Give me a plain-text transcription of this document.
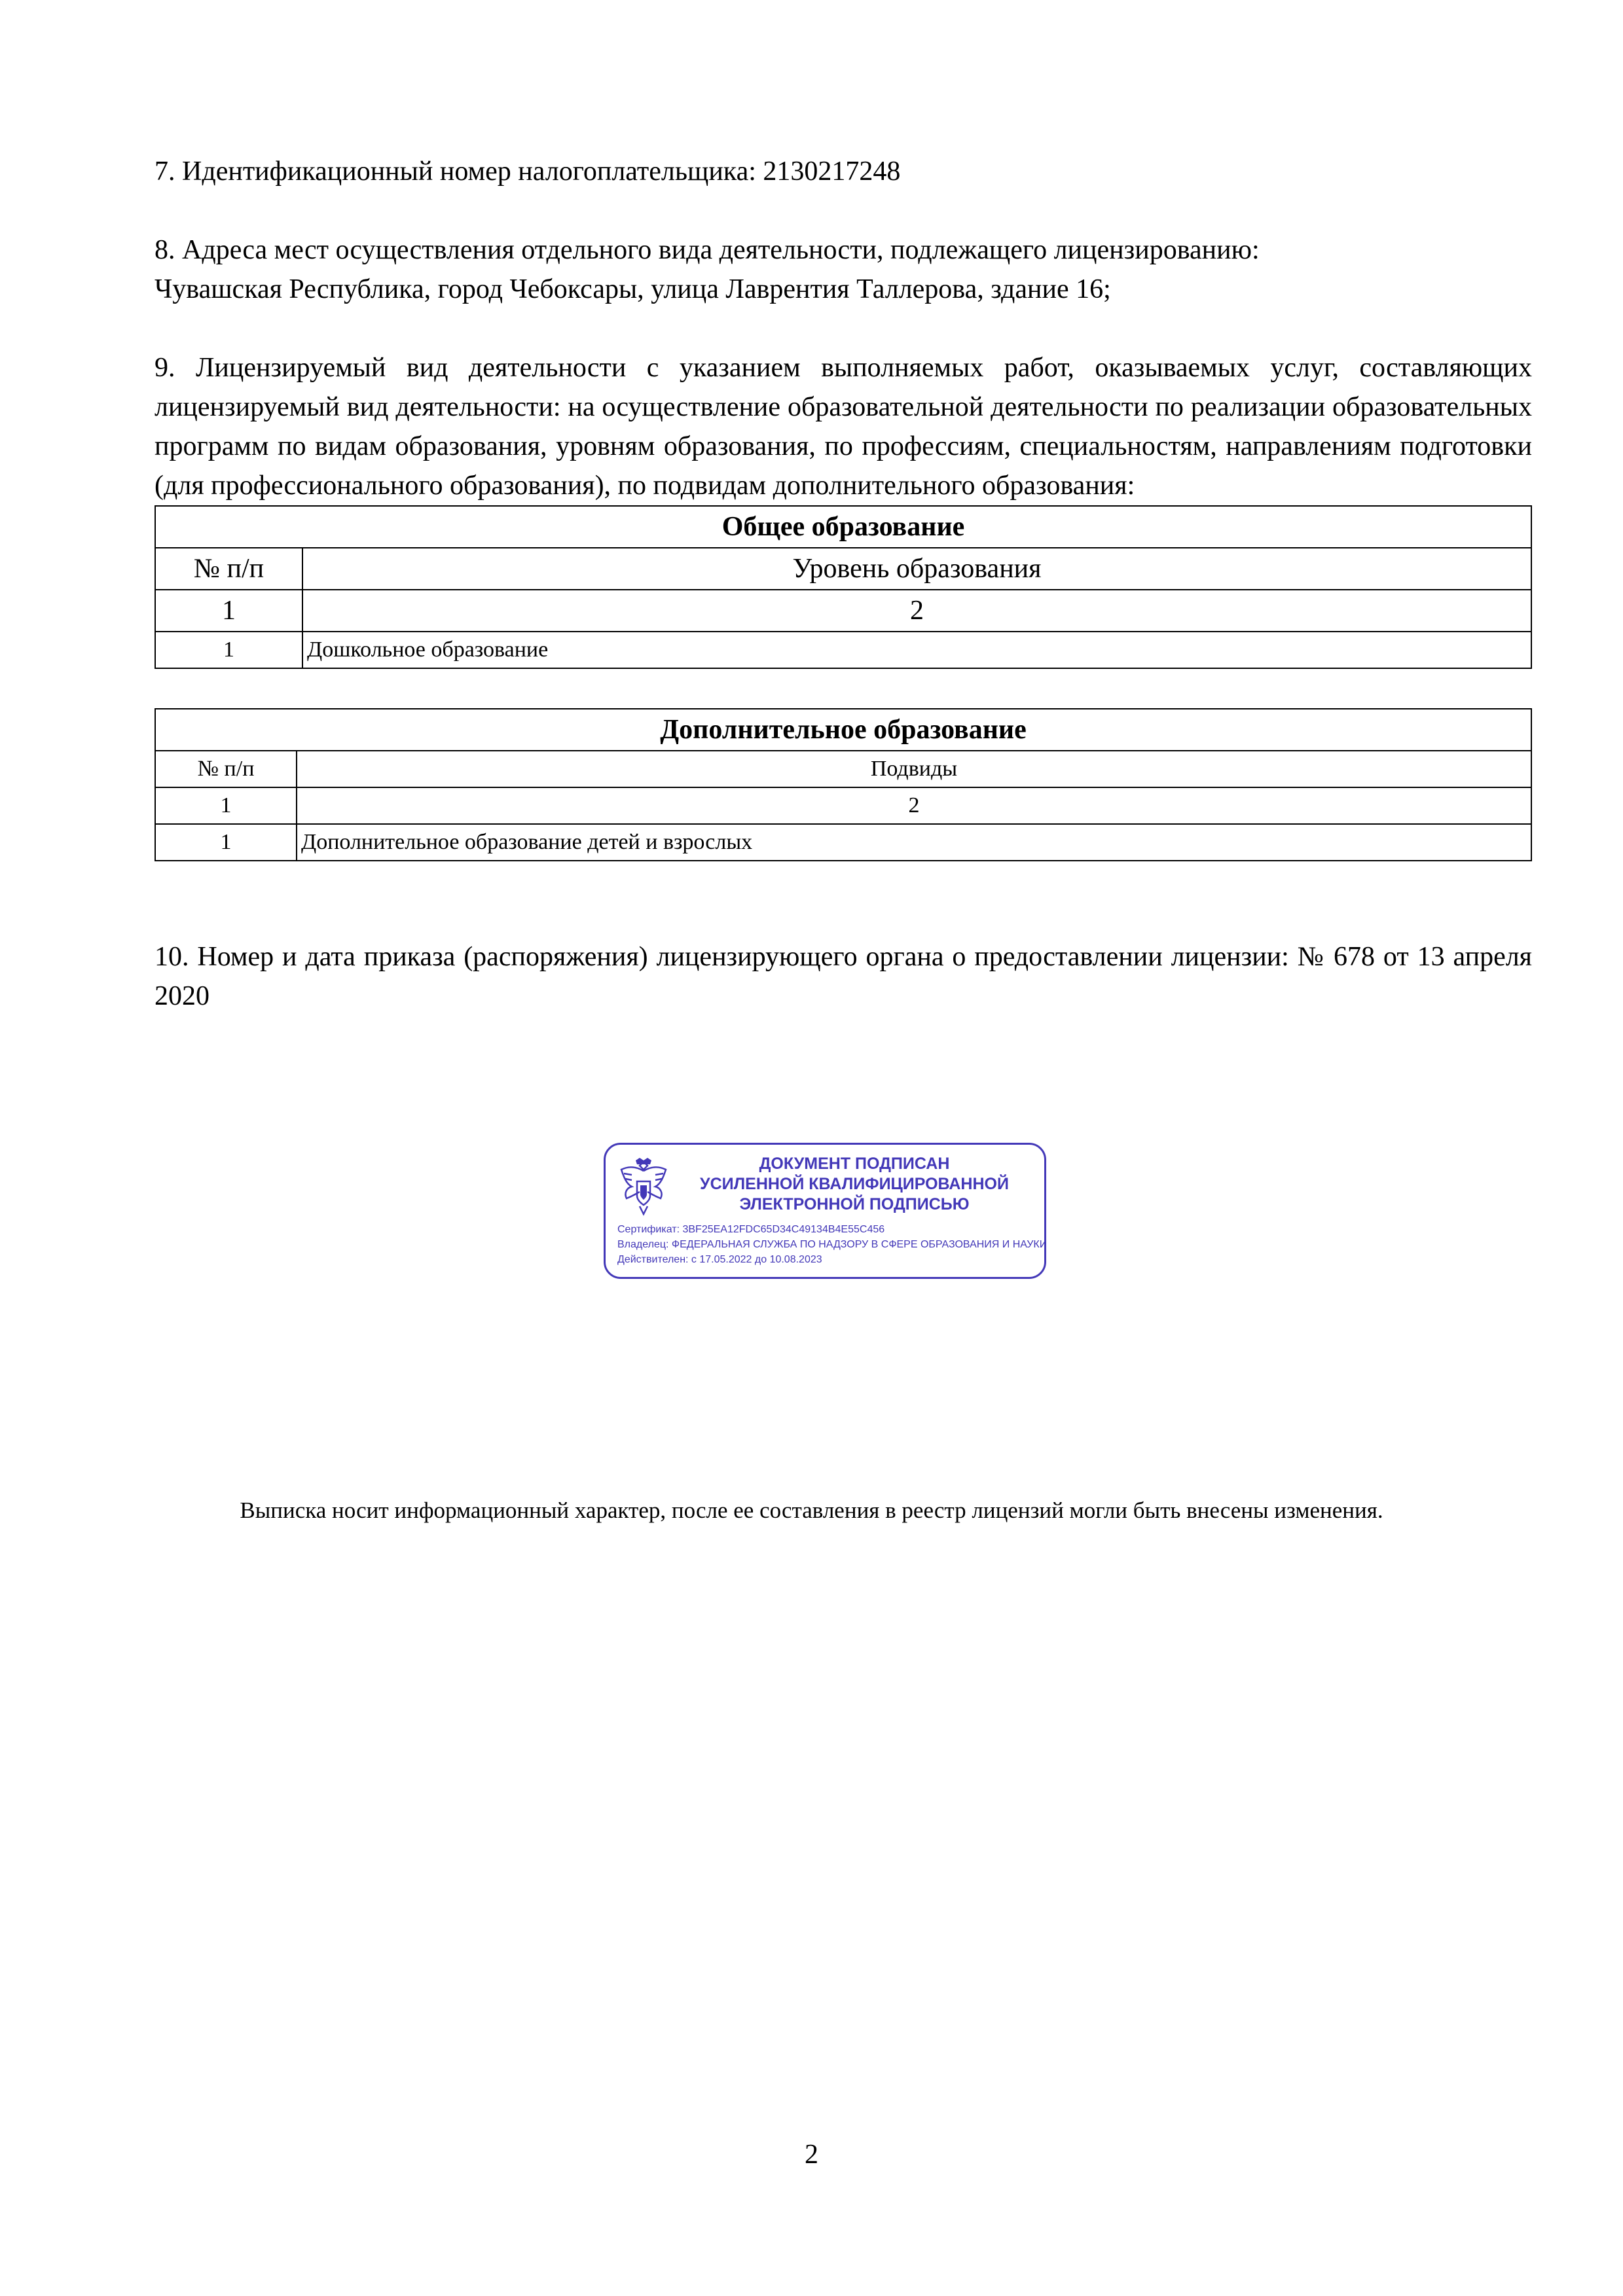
7. Идентификационный номер налогоплательщика: 2130217248

8. Адреса мест осуществления отдельного вида деятельности, подлежащего лицензированию:

Чувашская Республика, город Чебоксары, улица Лаврентия Таллерова, здание 16;

9. Лицензируемый вид деятельности с указанием выполняемых работ, оказываемых услуг, составляющих лицензируемый вид деятельности: на осуществление образовательной деятельности по реализации образовательных программ по видам образования, уровням образования, по профессиям, специальностям, направлениям подготовки (для профессионального образования), по подвидам дополнительного образования:

Общее образование	
№ п/п	Уровень образования
1	2
1	Дошкольное образование
Дополнительное образование	
№ п/п	Подвиды
1	2
1	Дополнительное образование детей и взрослых

10. Номер и дата приказа (распоряжения) лицензирующего органа о предоставлении лицензии: № 678 от 13 апреля 2020

ДОКУМЕНТ ПОДПИСАН
УСИЛЕННОЙ КВАЛИФИЦИРОВАННОЙ
ЭЛЕКТРОННОЙ ПОДПИСЬЮ
Сертификат: 3BF25EA12FDC65D34C49134B4E55C456
Владелец: ФЕДЕРАЛЬНАЯ СЛУЖБА ПО НАДЗОРУ В СФЕРЕ ОБРАЗОВАНИЯ И НАУКИ
Действителен: с 17.05.2022 до 10.08.2023
Выписка носит информационный характер, после ее составления в реестр лицензий могли быть внесены изменения.
2
